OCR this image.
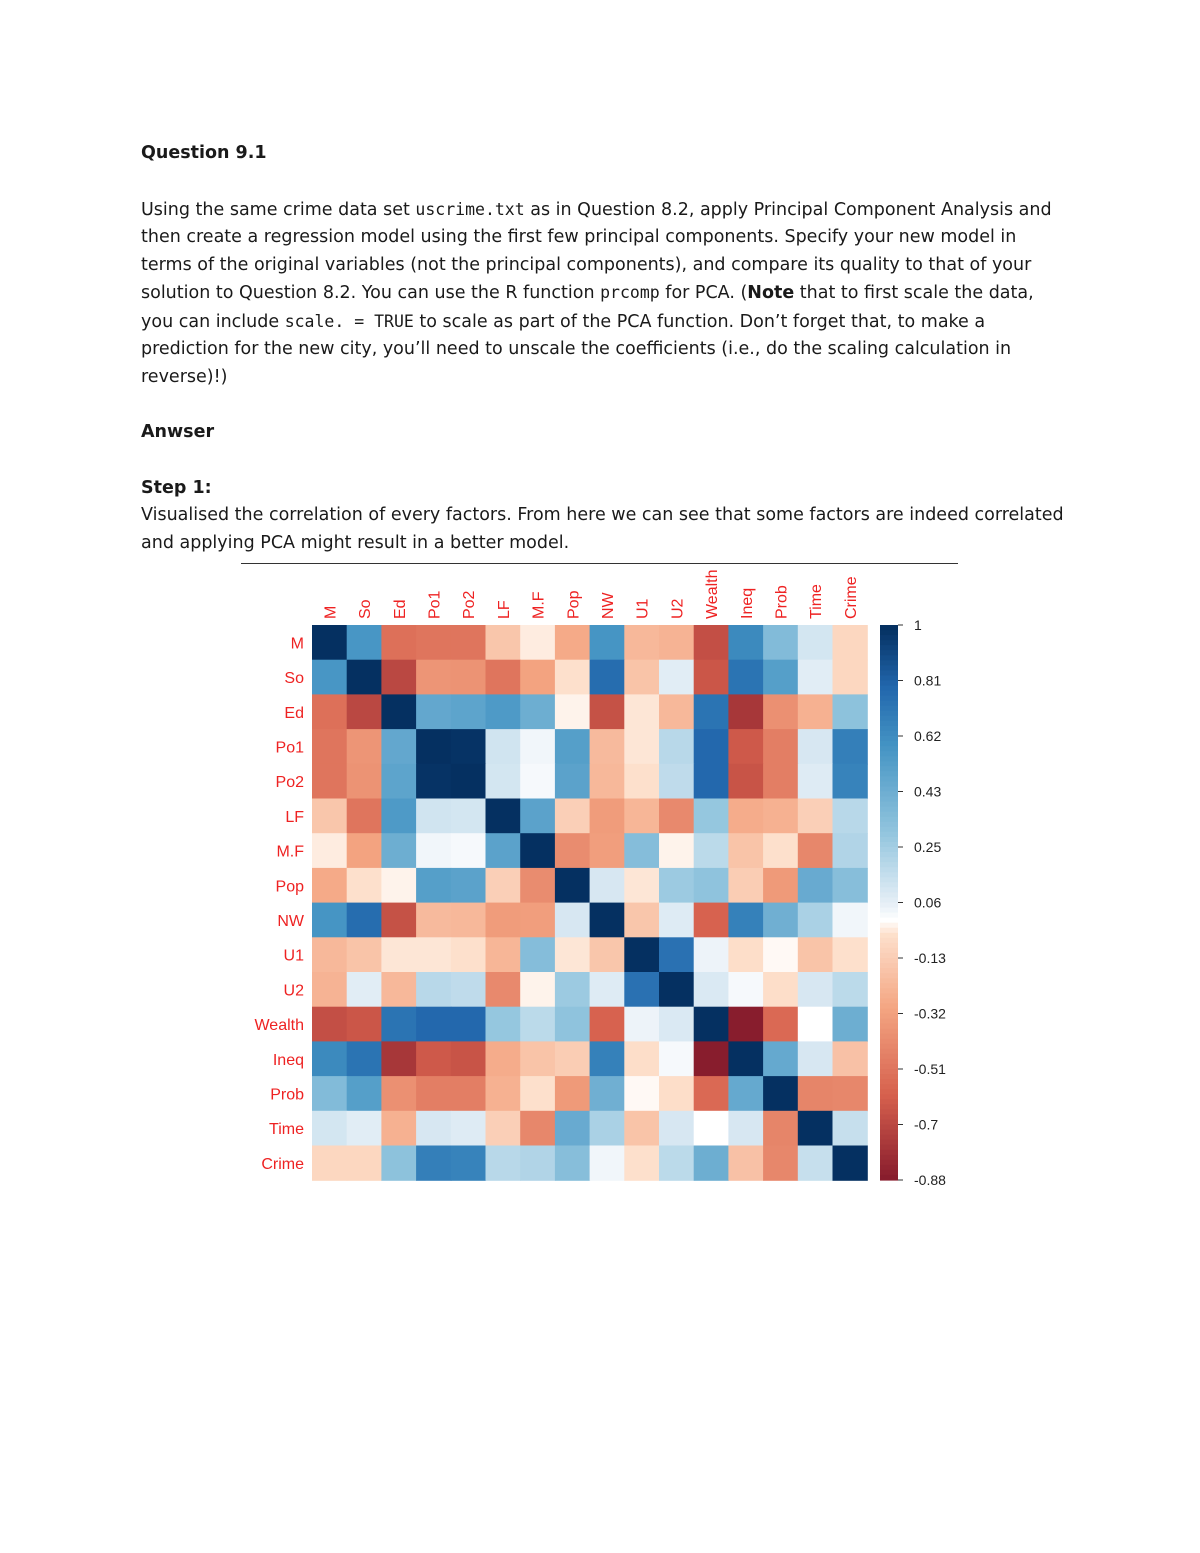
Question 9.1

Using the same crime data set uscrime.txt as in Question 8.2, apply Principal Component Analysis and then create a regression model using the first few principal components. Specify your new model in terms of the original variables (not the principal components), and compare its quality to that of your solution to Question 8.2. You can use the R function prcomp for PCA. (Note that to first scale the data, you can include scale. = TRUE to scale as part of the PCA function. Don’t forget that, to make a prediction for the new city, you’ll need to unscale the coefficients (i.e., do the scaling calculation in reverse)!)

Anwser

Step 1:

Visualised the correlation of every factors. From here we can see that some factors are indeed correlated and applying PCA might result in a better model.

M
So
Ed
Po1
Po2
LF
M.F
Pop
NW
U1
U2
Wealth
Ineq
Prob
Time
Crime
M So Ed Po1 Po2 LF M.F Pop NW U1 U2 Wealth Ineq Prob Time Crime
1
0.81
0.62
0.43
0.25
0.06
-0.13
-0.32
-0.51
-0.7
-0.88
